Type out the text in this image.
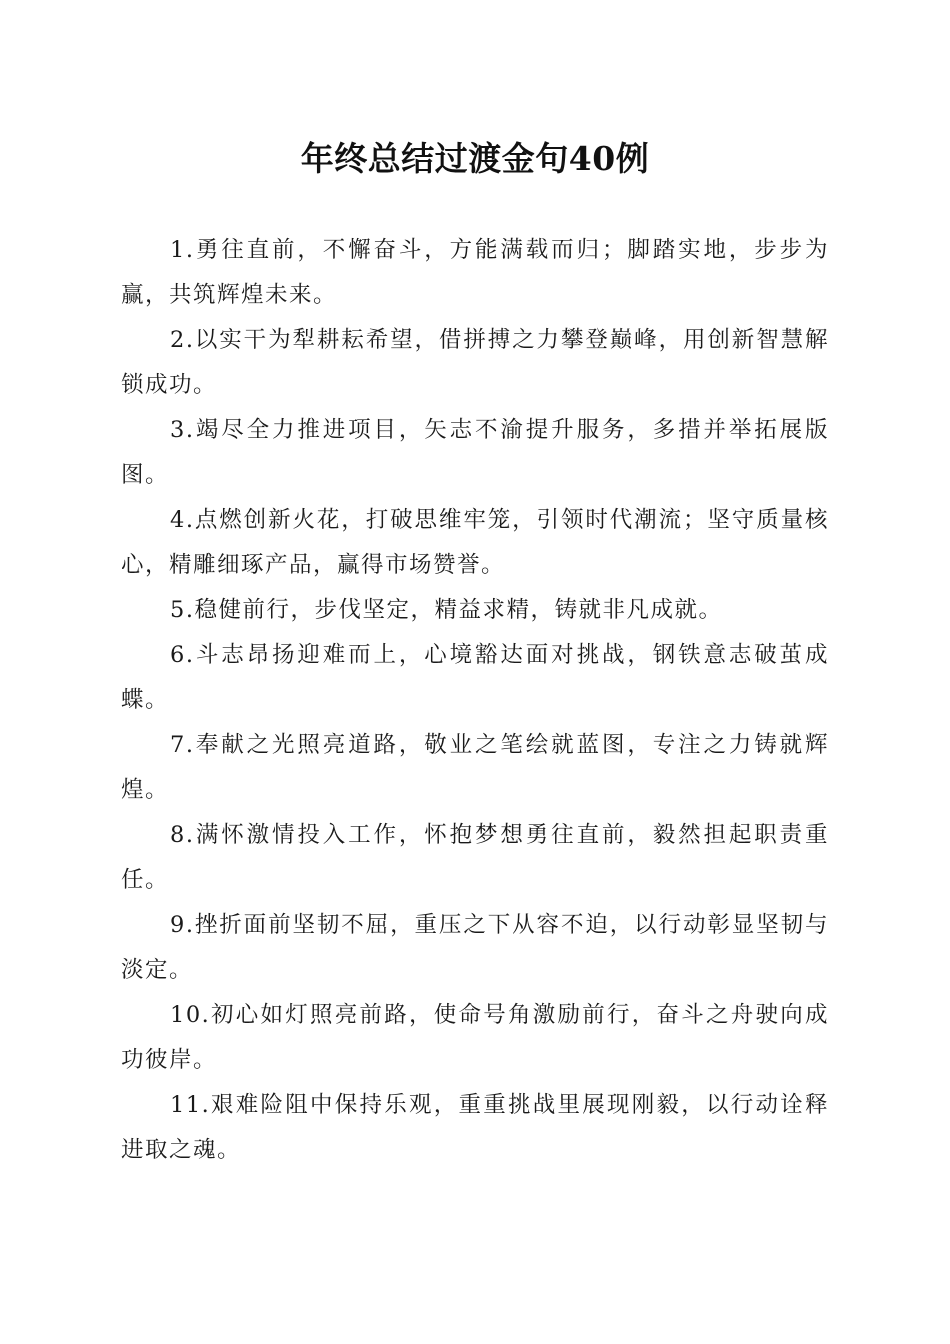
年终总结过渡金句40例

1.勇往直前，不懈奋斗，方能满载而归；脚踏实地，步步为赢，共筑辉煌未来。

2.以实干为犁耕耘希望，借拼搏之力攀登巅峰，用创新智慧解锁成功。

3.竭尽全力推进项目，矢志不渝提升服务，多措并举拓展版图。

4.点燃创新火花，打破思维牢笼，引领时代潮流；坚守质量核心，精雕细琢产品，赢得市场赞誉。

5.稳健前行，步伐坚定，精益求精，铸就非凡成就。

6.斗志昂扬迎难而上，心境豁达面对挑战，钢铁意志破茧成蝶。

7.奉献之光照亮道路，敬业之笔绘就蓝图，专注之力铸就辉煌。

8.满怀激情投入工作，怀抱梦想勇往直前，毅然担起职责重任。

9.挫折面前坚韧不屈，重压之下从容不迫，以行动彰显坚韧与淡定。

10.初心如灯照亮前路，使命号角激励前行，奋斗之舟驶向成功彼岸。

11.艰难险阻中保持乐观，重重挑战里展现刚毅，以行动诠释进取之魂。
